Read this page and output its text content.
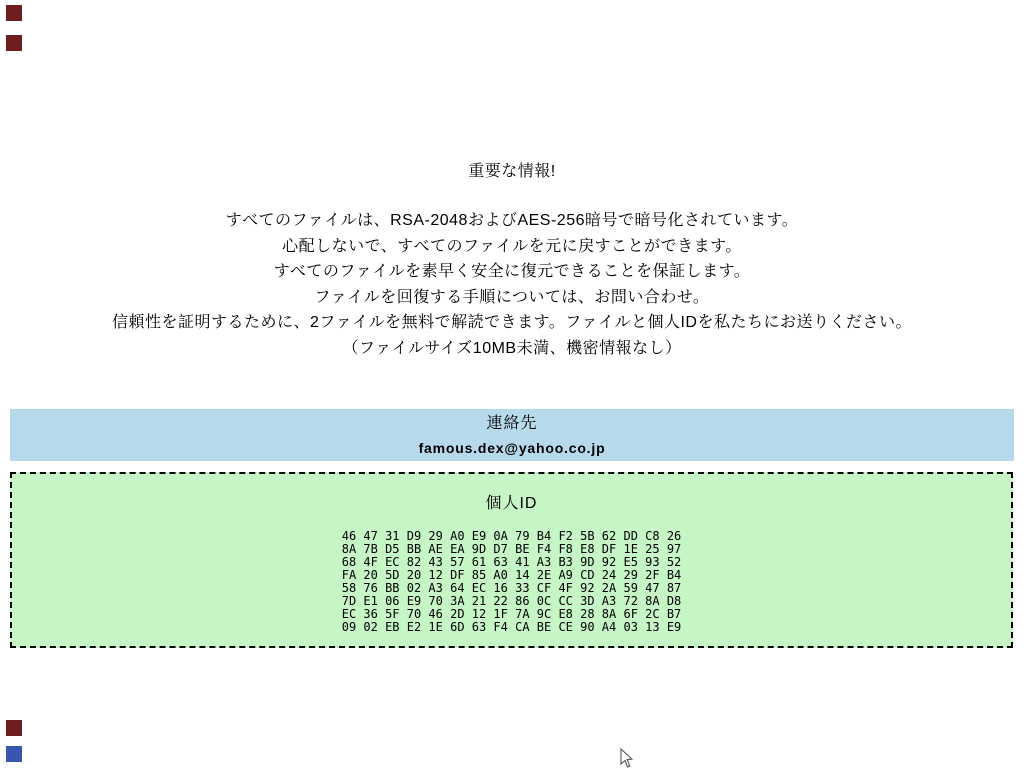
重要な情報!
すべてのファイルは、RSA-2048およびAES-256暗号で暗号化されています。
心配しないで、すべてのファイルを元に戻すことができます。
すべてのファイルを素早く安全に復元できることを保証します。
ファイルを回復する手順については、お問い合わせ。
信頼性を証明するために、2ファイルを無料で解読できます。ファイルと個人IDを私たちにお送りください。
（ファイルサイズ10MB未満、機密情報なし）
連絡先
famous.dex@yahoo.co.jp
個人ID
46 47 31 D9 29 A0 E9 0A 79 B4 F2 5B 62 DD C8 26
8A 7B D5 BB AE EA 9D D7 BE F4 F8 E8 DF 1E 25 97
68 4F EC 82 43 57 61 63 41 A3 B3 9D 92 E5 93 52
FA 20 5D 20 12 DF 85 A0 14 2E A9 CD 24 29 2F B4
58 76 BB 02 A3 64 EC 16 33 CF 4F 92 2A 59 47 87
7D E1 06 E9 70 3A 21 22 86 0C CC 3D A3 72 8A D8
EC 36 5F 70 46 2D 12 1F 7A 9C E8 28 8A 6F 2C B7
09 02 EB E2 1E 6D 63 F4 CA BE CE 90 A4 03 13 E9
